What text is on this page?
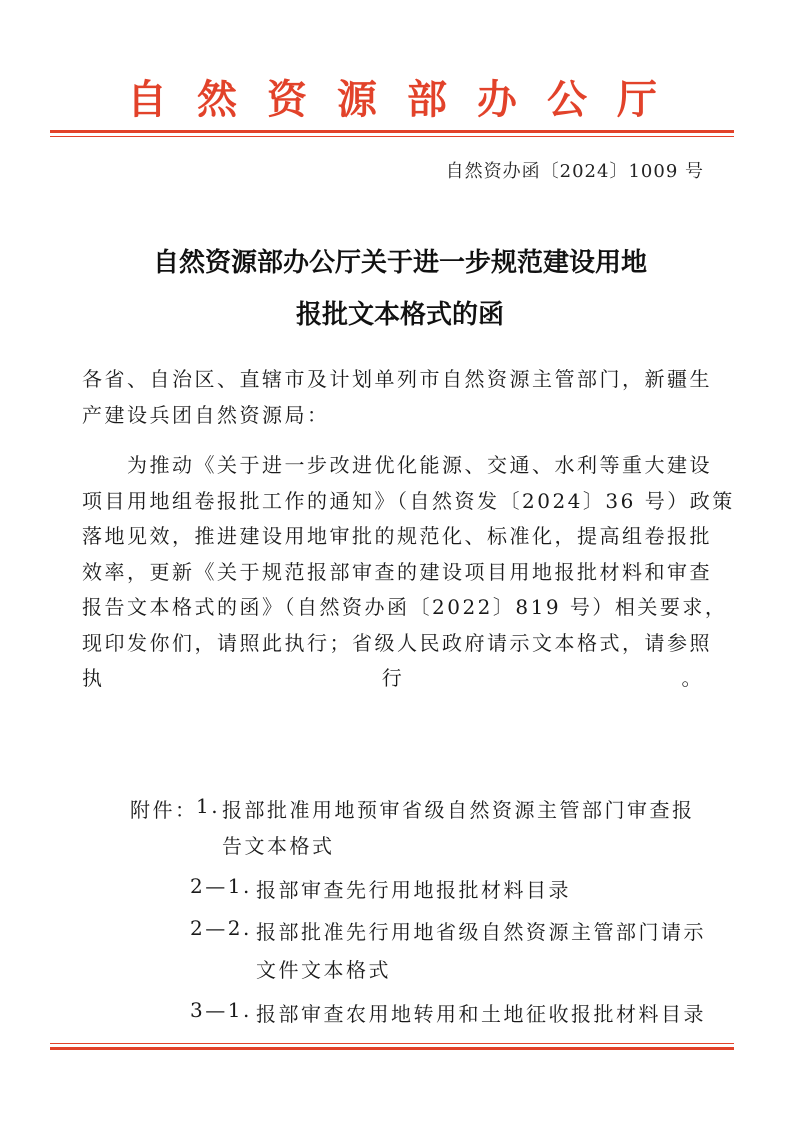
自然资源部办公厅
自然资办函〔2024〕1009 号
自然资源部办公厅关于进一步规范建设用地
报批文本格式的函
各省、自治区、直辖市及计划单列市自然资源主管部门，新疆生
产建设兵团自然资源局：
　　为推动《关于进一步改进优化能源、交通、水利等重大建设
项目用地组卷报批工作的通知》（自然资发〔2024〕36 号）政策
落地见效，推进建设用地审批的规范化、标准化，提高组卷报批
效率，更新《关于规范报部审查的建设项目用地报批材料和审查
报告文本格式的函》（自然资办函〔2022〕819 号）相关要求，
现印发你们，请照此执行；省级人民政府请示文本格式，请参照
执行。
附件：
1. 报部批准用地预审省级自然资源主管部门审查报
告文本格式
2—1. 报部审查先行用地报批材料目录
2—2. 报部批准先行用地省级自然资源主管部门请示
文件文本格式
3—1. 报部审查农用地转用和土地征收报批材料目录
